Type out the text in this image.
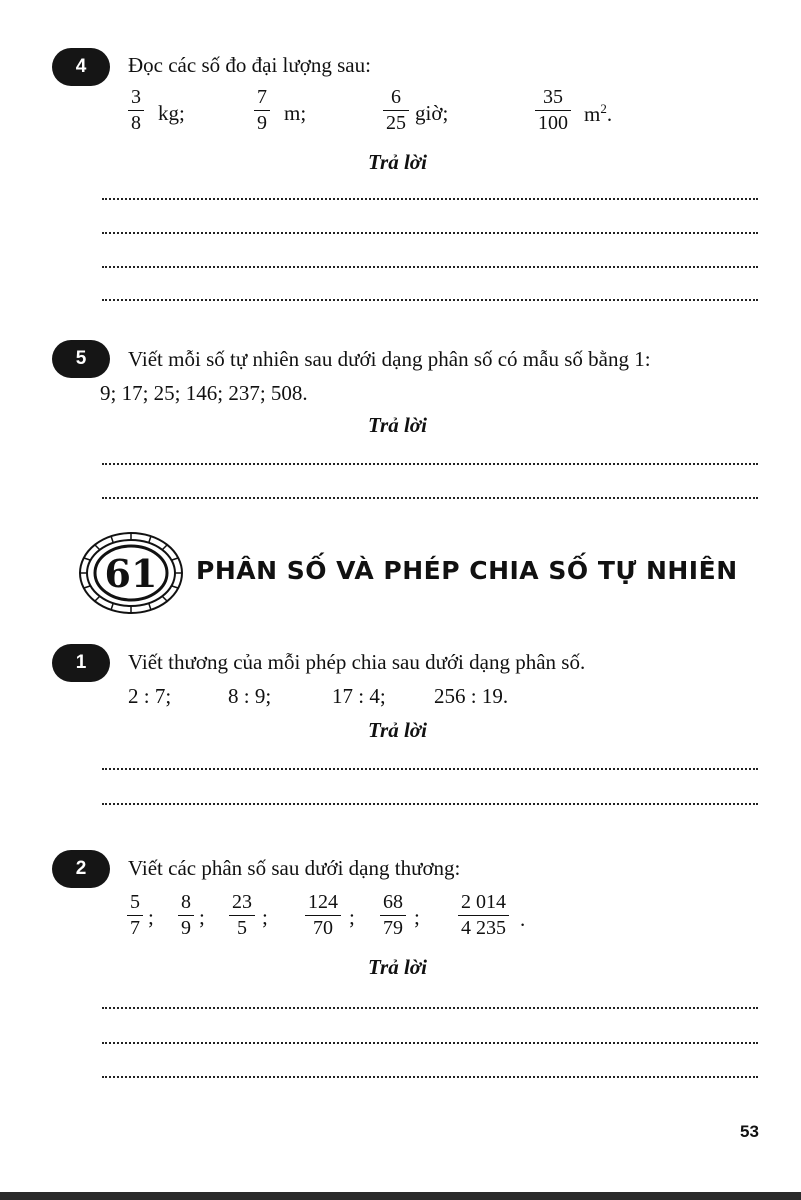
4	Đọc các số đo đại lượng sau:
3
8 kg;
7
9 m;
6
25 giờ;
35
100 $m^2$.
Trả lời
5	Viết mỗi số tự nhiên sau dưới dạng phân số có mẫu số bằng 1:
9; 17; 25; 146; 237; 508.
Trả lời
61 PHÂN SỐ VÀ PHÉP CHIA SỐ TỰ NHIÊN
1	Viết thương của mỗi phép chia sau dưới dạng phân số.
2 : 7;	8 : 9;	17 : 4; 256 : 19.
Trả lời
2	Viết các phân số sau dưới dạng thương:
5
7 ;
8
9 ;
23
5 ;
124
70 ;
68
79 ;
2 014
4 235 .
Trả lời
53
